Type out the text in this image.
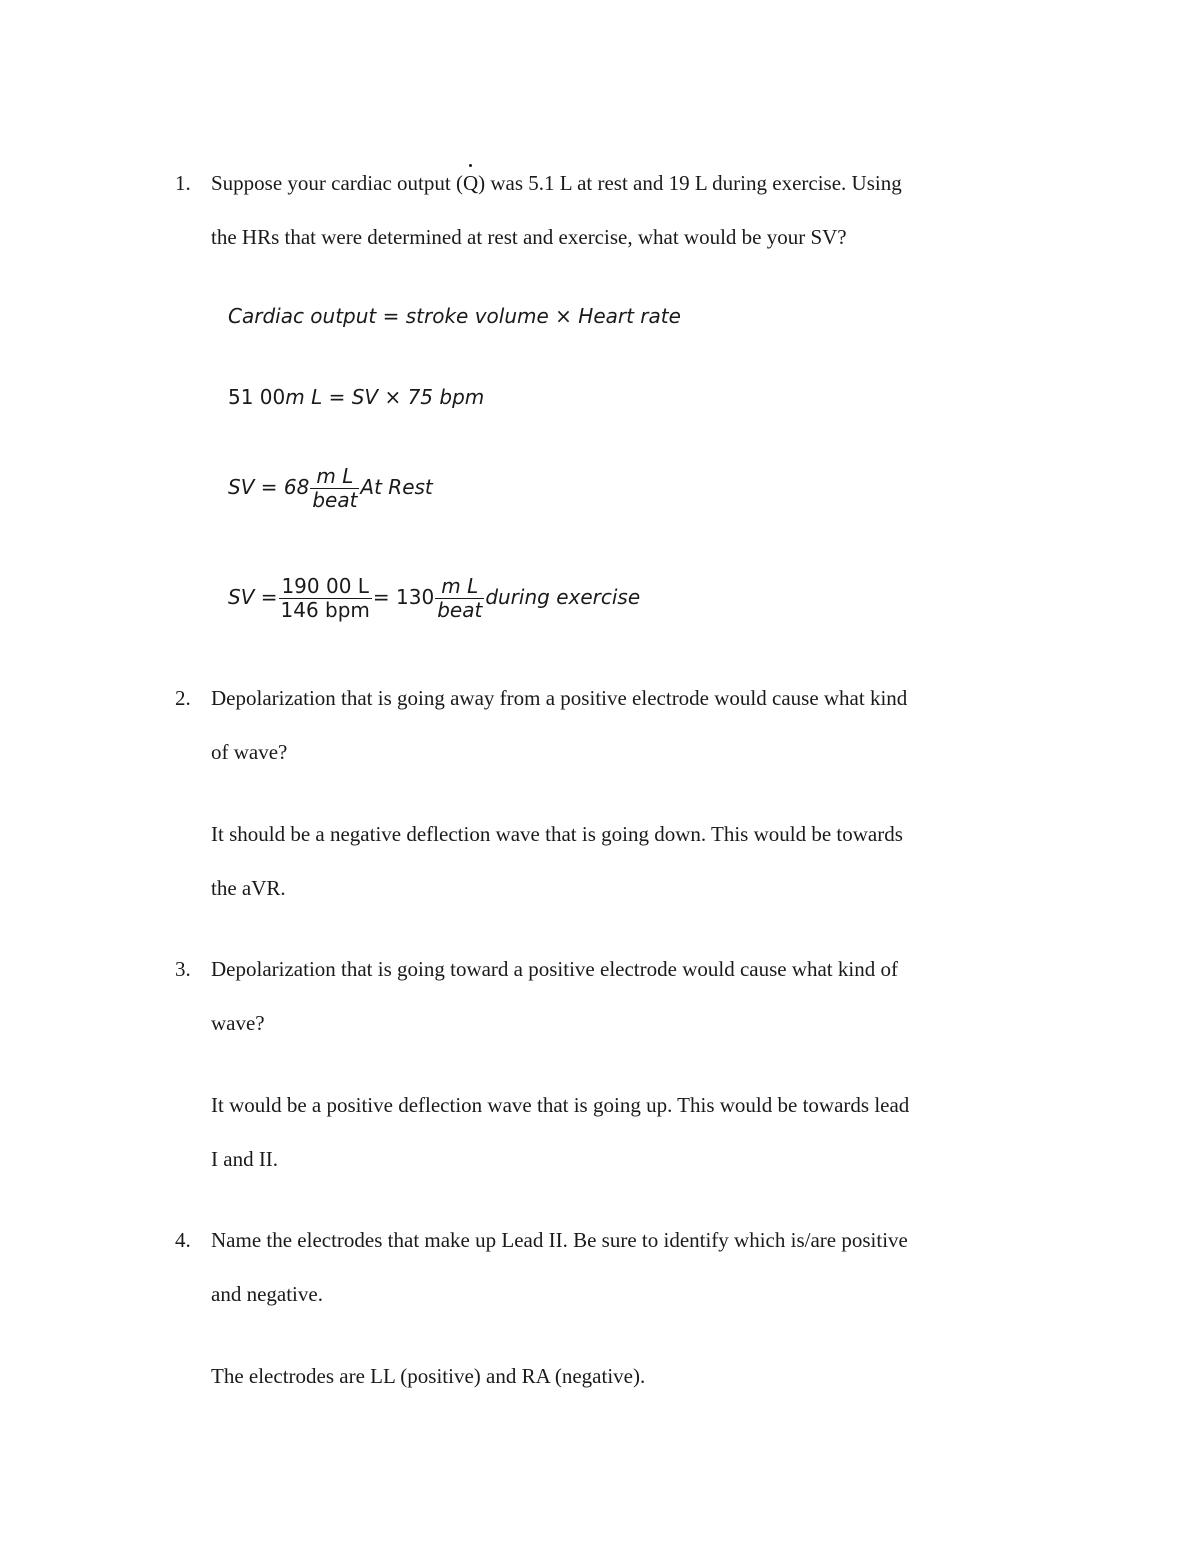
1. Suppose your cardiac output (Q) was 5.1 L at rest and 19 L during exercise. Using
the HRs that were determined at rest and exercise, what would be your SV?
Cardiac output = stroke volume × Heart rate
51 00m L = SV × 75 bpm
SV = $68 \frac{\text{m L}}{\text{beat}}$ At Rest
SV = $\frac{190 00 L}{\text{146 bpm}} = 130 \frac{\text{m L}}{\text{beat}}$ during exercise
2. Depolarization that is going away from a positive electrode would cause what kind
of wave?
It should be a negative deflection wave that is going down. This would be towards
the aVR.
3. Depolarization that is going toward a positive electrode would cause what kind of
wave?
It would be a positive deflection wave that is going up. This would be towards lead
I and II.
4. Name the electrodes that make up Lead II. Be sure to identify which is/are positive
and negative.
The electrodes are LL (positive) and RA (negative).
